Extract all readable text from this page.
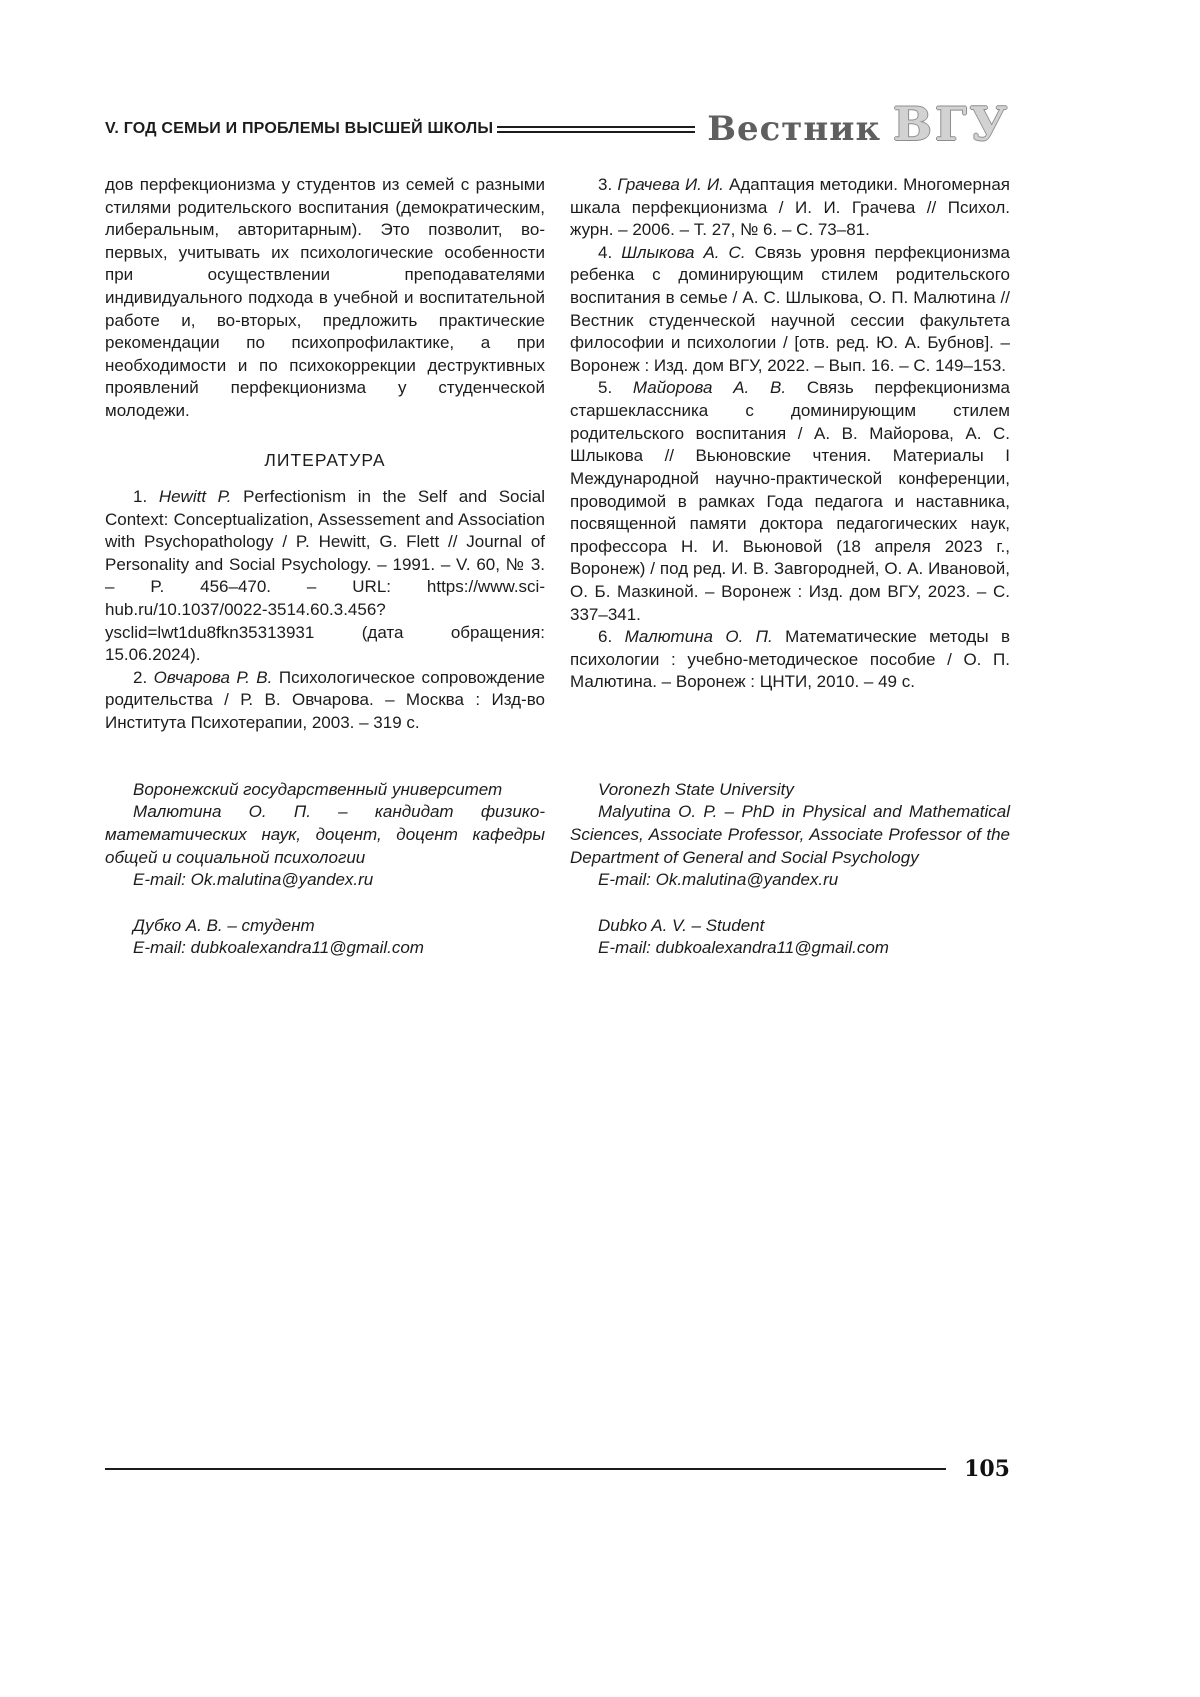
V. ГОД СЕМЬИ И ПРОБЛЕМЫ ВЫСШЕЙ ШКОЛЫ	Вестник ВГУ

дов перфекционизма у студентов из семей с разными стилями родительского воспитания (демократическим, либеральным, авторитарным). Это позволит, во-первых, учитывать их психологические особенности при осуществлении преподавателями индивидуального подхода в учебной и воспитательной работе и, во-вторых, предложить практические рекомендации по психопрофилактике, а при необходимости и по психокоррекции деструктивных проявлений перфекционизма у студенческой молодежи.

ЛИТЕРАТУРА

1. Hewitt P. Perfectionism in the Self and Social Context: Conceptualization, Assessement and Association with Psychopathology / P. Hewitt, G. Flett // Journal of Personality and Social Psychology. – 1991. – V. 60, № 3. – P. 456–470. – URL: https://www.sci-hub.ru/10.1037/0022-3514.60.3.456?ysclid=lwt1du8fkn35313931 (дата обращения: 15.06.2024).

2. Овчарова Р. В. Психологическое сопровождение родительства / Р. В. Овчарова. – Москва : Изд-во Института Психотерапии, 2003. – 319 с.

3. Грачева И. И. Адаптация методики. Многомерная шкала перфекционизма / И. И. Грачева // Психол. журн. – 2006. – Т. 27, № 6. – С. 73–81.

4. Шлыкова А. С. Связь уровня перфекционизма ребенка с доминирующим стилем родительского воспитания в семье / А. С. Шлыкова, О. П. Малютина // Вестник студенческой научной сессии факультета философии и психологии / [отв. ред. Ю. А. Бубнов]. – Воронеж : Изд. дом ВГУ, 2022. – Вып. 16. – С. 149–153.

5. Майорова А. В. Связь перфекционизма старшеклассника с доминирующим стилем родительского воспитания / А. В. Майорова, А. С. Шлыкова // Вьюновские чтения. Материалы I Международной научно-практической конференции, проводимой в рамках Года педагога и наставника, посвященной памяти доктора педагогических наук, профессора Н. И. Вьюновой (18 апреля 2023 г., Воронеж) / под ред. И. В. Завгородней, О. А. Ивановой, О. Б. Мазкиной. – Воронеж : Изд. дом ВГУ, 2023. – С. 337–341.

6. Малютина О. П. Математические методы в психологии : учебно-методическое пособие / О. П. Малютина. – Воронеж : ЦНТИ, 2010. – 49 с.

Воронежский государственный университет

Малютина О. П. – кандидат физико-математических наук, доцент, доцент кафедры общей и социальной психологии

E-mail: Ok.malutina@yandex.ru

Дубко А. В. – студент

E-mail: dubkoalexandra11@gmail.com

Voronezh State University

Malyutina O. P. – PhD in Physical and Mathematical Sciences, Associate Professor, Associate Professor of the Department of General and Social Psychology

E-mail: Ok.malutina@yandex.ru

Dubko A. V. – Student

E-mail: dubkoalexandra11@gmail.com

105
